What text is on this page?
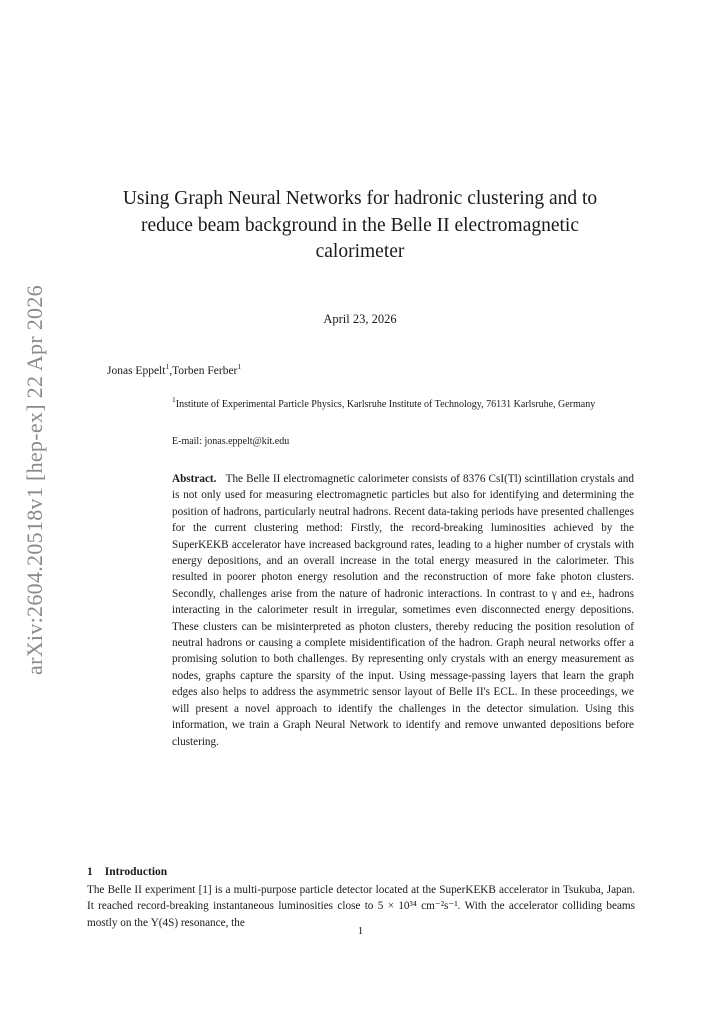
arXiv:2604.20518v1 [hep-ex] 22 Apr 2026
Using Graph Neural Networks for hadronic clustering and to reduce beam background in the Belle II electromagnetic calorimeter
April 23, 2026
Jonas Eppelt$^1$,Torben Ferber$^1$
$^1$Institute of Experimental Particle Physics, Karlsruhe Institute of Technology, 76131 Karlsruhe, Germany
E-mail: jonas.eppelt@kit.edu
Abstract. The Belle II electromagnetic calorimeter consists of 8376 CsI(Tl) scintillation crystals and is not only used for measuring electromagnetic particles but also for identifying and determining the position of hadrons, particularly neutral hadrons. Recent data-taking periods have presented challenges for the current clustering method: Firstly, the record-breaking luminosities achieved by the SuperKEKB accelerator have increased background rates, leading to a higher number of crystals with energy depositions, and an overall increase in the total energy measured in the calorimeter. This resulted in poorer photon energy resolution and the reconstruction of more fake photon clusters. Secondly, challenges arise from the nature of hadronic interactions. In contrast to γ and e±, hadrons interacting in the calorimeter result in irregular, sometimes even disconnected energy depositions. These clusters can be misinterpreted as photon clusters, thereby reducing the position resolution of neutral hadrons or causing a complete misidentification of the hadron. Graph neural networks offer a promising solution to both challenges. By representing only crystals with an energy measurement as nodes, graphs capture the sparsity of the input. Using message-passing layers that learn the graph edges also helps to address the asymmetric sensor layout of Belle II's ECL. In these proceedings, we will present a novel approach to identify the challenges in the detector simulation. Using this information, we train a Graph Neural Network to identify and remove unwanted depositions before clustering.
1 Introduction
The Belle II experiment [1] is a multi-purpose particle detector located at the SuperKEKB accelerator in Tsukuba, Japan. It reached record-breaking instantaneous luminosities close to 5 × 10³⁴ cm⁻²s⁻¹. With the accelerator colliding beams mostly on the Υ(4S) resonance, the
1
